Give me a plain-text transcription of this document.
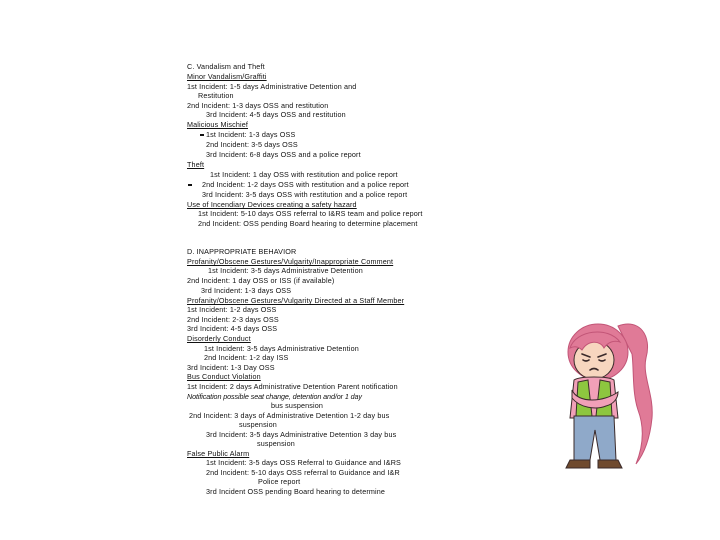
C. Vandalism and Theft
Minor Vandalism/Graffiti
1st Incident: 1-5 days Administrative Detention and
Restitution
2nd Incident: 1-3 days OSS and restitution
3rd Incident: 4-5 days OSS and restitution
Malicious Mischief
1st Incident: 1-3 days OSS
2nd Incident: 3-5 days OSS
3rd Incident: 6-8 days OSS and a police report
Theft
1st Incident: 1 day OSS with restitution and police report
2nd Incident: 1-2 days OSS with restitution and a police report
3rd Incident: 3-5 days OSS with restitution and a police report
Use of Incendiary Devices creating a safety hazard
1st Incident: 5-10 days OSS referral to I&RS team and police report
2nd Incident: OSS pending Board hearing to determine placement
D. INAPPROPRIATE BEHAVIOR
Profanity/Obscene Gestures/Vulgarity/Inappropriate Comment
1st Incident: 3-5 days Administrative Detention
2nd Incident: 1 day OSS or ISS (if available)
3rd Incident: 1-3 days OSS
Profanity/Obscene Gestures/Vulgarity Directed at a Staff Member
1st Incident: 1-2 days OSS
2nd Incident: 2-3 days OSS
3rd Incident: 4-5 days OSS
Disorderly Conduct
1st Incident: 3-5 days Administrative Detention
2nd Incident: 1-2 day ISS
3rd Incident: 1-3 Day OSS
Bus Conduct Violation
1st Incident: 2 days Administrative Detention Parent notification
Notification possible seat change, detention and/or 1 day
bus suspension
2nd Incident: 3 days of Administrative Detention 1-2 day bus
suspension
3rd Incident: 3-5 days Administrative Detention 3 day bus
suspension
False Public Alarm
1st Incident: 3-5 days OSS Referral to Guidance and I&RS
2nd Incident: 5-10 days OSS referral to Guidance and I&R
Police report
3rd Incident OSS pending Board hearing to determine
